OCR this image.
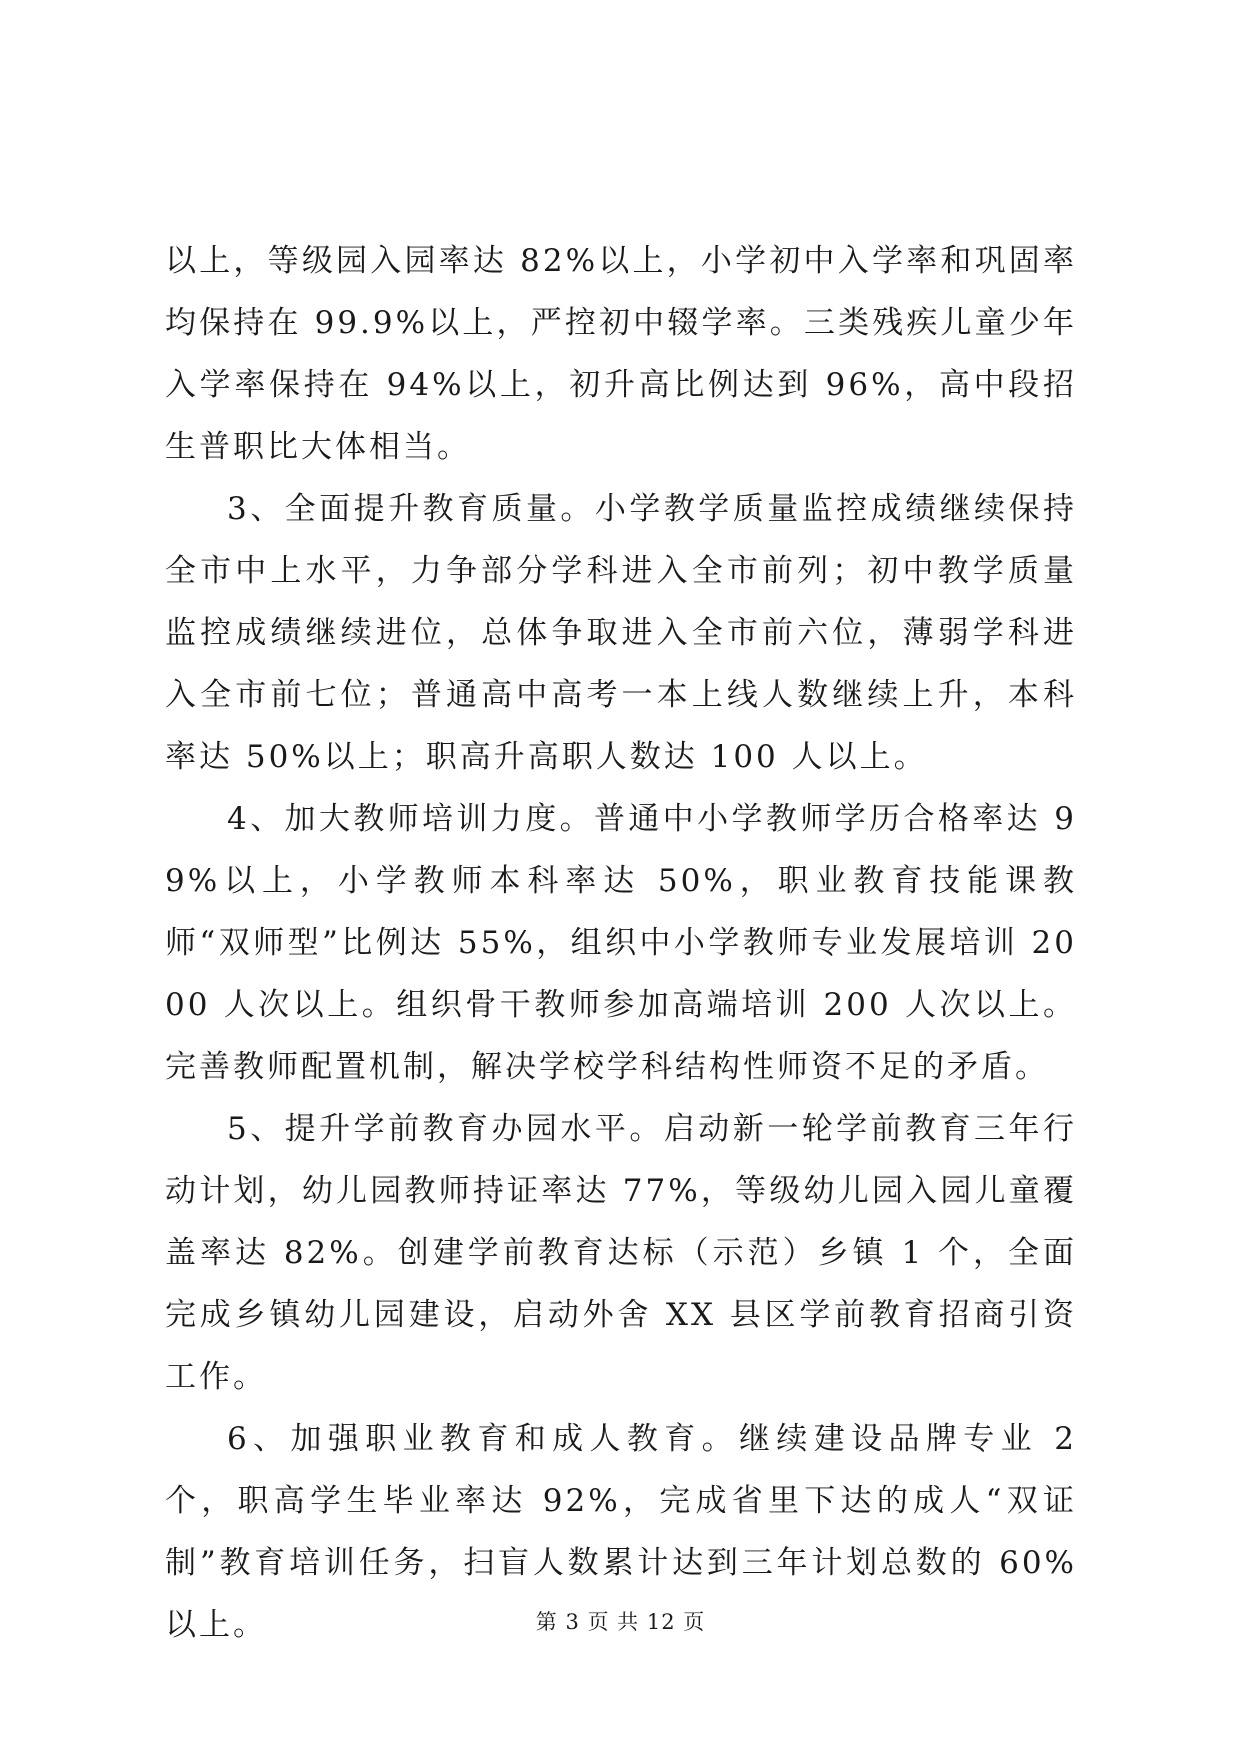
以上，等级园入园率达 82%以上，小学初中入学率和巩固率均保持在 99.9%以上，严控初中辍学率。三类残疾儿童少年入学率保持在 94%以上，初升高比例达到 96%，高中段招生普职比大体相当。

3、全面提升教育质量。小学教学质量监控成绩继续保持全市中上水平，力争部分学科进入全市前列；初中教学质量监控成绩继续进位，总体争取进入全市前六位，薄弱学科进入全市前七位；普通高中高考一本上线人数继续上升，本科率达 50%以上；职高升高职人数达 100 人以上。

4、加大教师培训力度。普通中小学教师学历合格率达 99%以上，小学教师本科率达 50%，职业教育技能课教师“双师型”比例达 55%，组织中小学教师专业发展培训 2000 人次以上。组织骨干教师参加高端培训 200 人次以上。完善教师配置机制，解决学校学科结构性师资不足的矛盾。

5、提升学前教育办园水平。启动新一轮学前教育三年行动计划，幼儿园教师持证率达 77%，等级幼儿园入园儿童覆盖率达 82%。创建学前教育达标（示范）乡镇 1 个，全面完成乡镇幼儿园建设，启动外舍 XX 县区学前教育招商引资工作。

6、加强职业教育和成人教育。继续建设品牌专业 2 个，职高学生毕业率达 92%，完成省里下达的成人“双证制”教育培训任务，扫盲人数累计达到三年计划总数的 60%以上。	第 3 页 共 12 页
